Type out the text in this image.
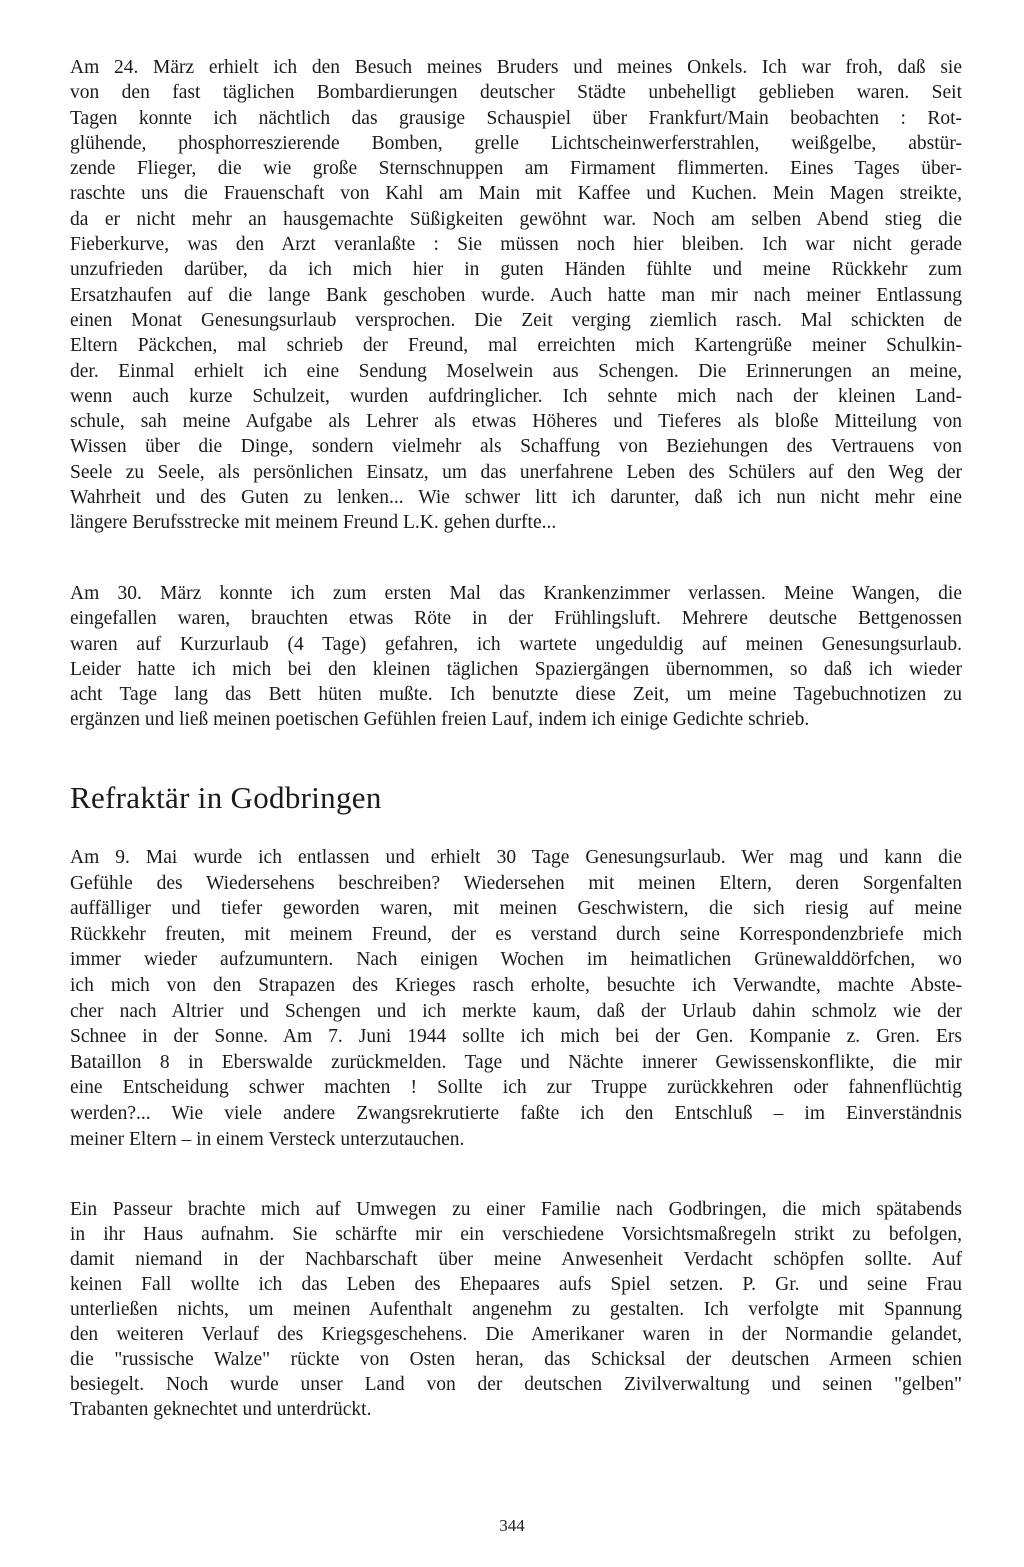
Am 24. März erhielt ich den Besuch meines Bruders und meines Onkels. Ich war froh, daß sie
von den fast täglichen Bombardierungen deutscher Städte unbehelligt geblieben waren. Seit
Tagen konnte ich nächtlich das grausige Schauspiel über Frankfurt/Main beobachten : Rot-
glühende, phosphorreszierende Bomben, grelle Lichtscheinwerferstrahlen, weißgelbe, abstür-
zende Flieger, die wie große Sternschnuppen am Firmament flimmerten. Eines Tages über-
raschte uns die Frauenschaft von Kahl am Main mit Kaffee und Kuchen. Mein Magen streikte,
da er nicht mehr an hausgemachte Süßigkeiten gewöhnt war. Noch am selben Abend stieg die
Fieberkurve, was den Arzt veranlaßte : Sie müssen noch hier bleiben. Ich war nicht gerade
unzufrieden darüber, da ich mich hier in guten Händen fühlte und meine Rückkehr zum
Ersatzhaufen auf die lange Bank geschoben wurde. Auch hatte man mir nach meiner Entlassung
einen Monat Genesungsurlaub versprochen. Die Zeit verging ziemlich rasch. Mal schickten de
Eltern Päckchen, mal schrieb der Freund, mal erreichten mich Kartengrüße meiner Schulkin-
der. Einmal erhielt ich eine Sendung Moselwein aus Schengen. Die Erinnerungen an meine,
wenn auch kurze Schulzeit, wurden aufdringlicher. Ich sehnte mich nach der kleinen Land-
schule, sah meine Aufgabe als Lehrer als etwas Höheres und Tieferes als bloße Mitteilung von
Wissen über die Dinge, sondern vielmehr als Schaffung von Beziehungen des Vertrauens von
Seele zu Seele, als persönlichen Einsatz, um das unerfahrene Leben des Schülers auf den Weg der
Wahrheit und des Guten zu lenken... Wie schwer litt ich darunter, daß ich nun nicht mehr eine
längere Berufsstrecke mit meinem Freund L.K. gehen durfte...
Am 30. März konnte ich zum ersten Mal das Krankenzimmer verlassen. Meine Wangen, die
eingefallen waren, brauchten etwas Röte in der Frühlingsluft. Mehrere deutsche Bettgenossen
waren auf Kurzurlaub (4 Tage) gefahren, ich wartete ungeduldig auf meinen Genesungsurlaub.
Leider hatte ich mich bei den kleinen täglichen Spaziergängen übernommen, so daß ich wieder
acht Tage lang das Bett hüten mußte. Ich benutzte diese Zeit, um meine Tagebuchnotizen zu
ergänzen und ließ meinen poetischen Gefühlen freien Lauf, indem ich einige Gedichte schrieb.
Refraktär in Godbringen
Am 9. Mai wurde ich entlassen und erhielt 30 Tage Genesungsurlaub. Wer mag und kann die
Gefühle des Wiedersehens beschreiben? Wiedersehen mit meinen Eltern, deren Sorgenfalten
auffälliger und tiefer geworden waren, mit meinen Geschwistern, die sich riesig auf meine
Rückkehr freuten, mit meinem Freund, der es verstand durch seine Korrespondenzbriefe mich
immer wieder aufzumuntern. Nach einigen Wochen im heimatlichen Grünewalddörfchen, wo
ich mich von den Strapazen des Krieges rasch erholte, besuchte ich Verwandte, machte Abste-
cher nach Altrier und Schengen und ich merkte kaum, daß der Urlaub dahin schmolz wie der
Schnee in der Sonne. Am 7. Juni 1944 sollte ich mich bei der Gen. Kompanie z. Gren. Ers
Bataillon 8 in Eberswalde zurückmelden. Tage und Nächte innerer Gewissenskonflikte, die mir
eine Entscheidung schwer machten ! Sollte ich zur Truppe zurückkehren oder fahnenflüchtig
werden?... Wie viele andere Zwangsrekrutierte faßte ich den Entschluß – im Einverständnis
meiner Eltern – in einem Versteck unterzutauchen.
Ein Passeur brachte mich auf Umwegen zu einer Familie nach Godbringen, die mich spätabends
in ihr Haus aufnahm. Sie schärfte mir ein verschiedene Vorsichtsmaßregeln strikt zu befolgen,
damit niemand in der Nachbarschaft über meine Anwesenheit Verdacht schöpfen sollte. Auf
keinen Fall wollte ich das Leben des Ehepaares aufs Spiel setzen. P. Gr. und seine Frau
unterließen nichts, um meinen Aufenthalt angenehm zu gestalten. Ich verfolgte mit Spannung
den weiteren Verlauf des Kriegsgeschehens. Die Amerikaner waren in der Normandie gelandet,
die "russische Walze" rückte von Osten heran, das Schicksal der deutschen Armeen schien
besiegelt. Noch wurde unser Land von der deutschen Zivilverwaltung und seinen "gelben"
Trabanten geknechtet und unterdrückt.
344
